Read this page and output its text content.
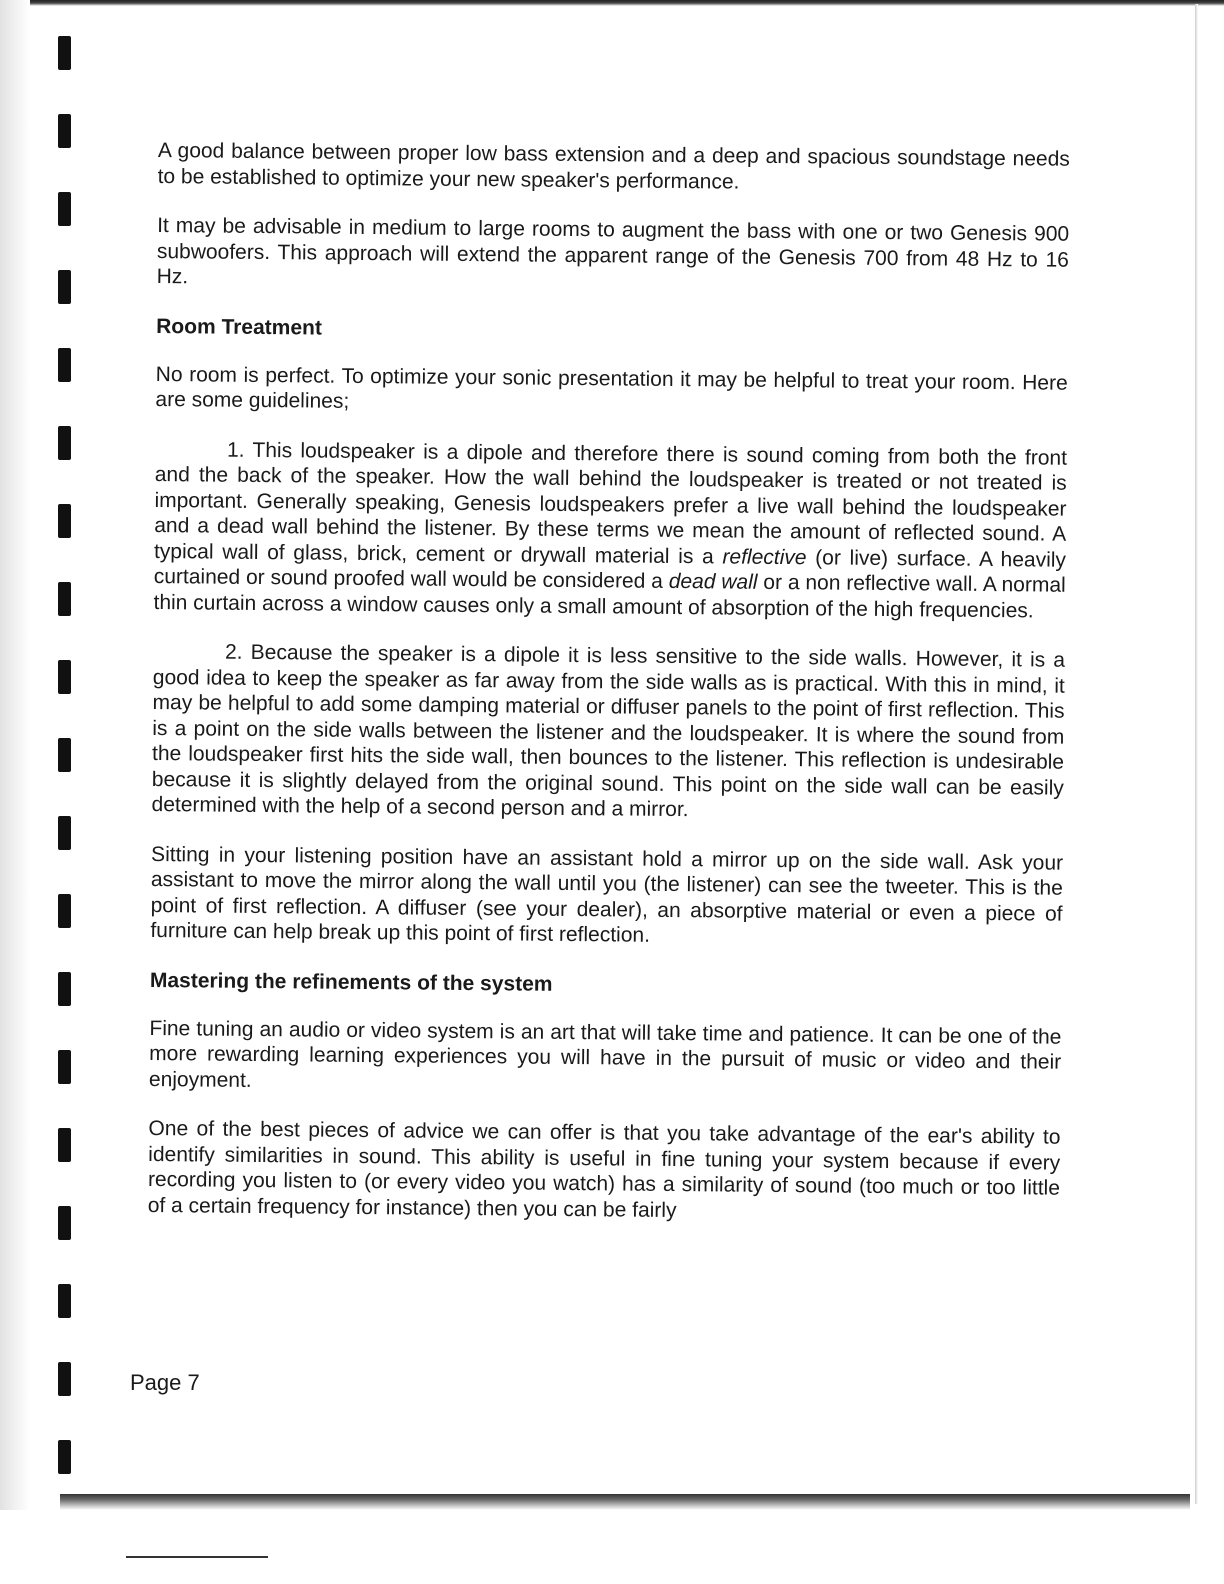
A good balance between proper low bass extension and a deep and spacious soundstage needs to be established to optimize your new speaker's performance.

It may be advisable in medium to large rooms to augment the bass with one or two Genesis 900 subwoofers. This approach will extend the apparent range of the Genesis 700 from 48 Hz to 16 Hz.

Room Treatment

No room is perfect. To optimize your sonic presentation it may be helpful to treat your room. Here are some guidelines;

1. This loudspeaker is a dipole and therefore there is sound coming from both the front and the back of the speaker. How the wall behind the loudspeaker is treated or not treated is important. Generally speaking, Genesis loudspeakers prefer a live wall behind the loudspeaker and a dead wall behind the listener. By these terms we mean the amount of reflected sound. A typical wall of glass, brick, cement or drywall material is a reflective (or live) surface. A heavily curtained or sound proofed wall would be considered a dead wall or a non reflective wall. A normal thin curtain across a window causes only a small amount of absorption of the high frequencies.

2. Because the speaker is a dipole it is less sensitive to the side walls. However, it is a good idea to keep the speaker as far away from the side walls as is practical. With this in mind, it may be helpful to add some damping material or diffuser panels to the point of first reflection. This is a point on the side walls between the listener and the loudspeaker. It is where the sound from the loudspeaker first hits the side wall, then bounces to the listener. This reflection is undesirable because it is slightly delayed from the original sound. This point on the side wall can be easily determined with the help of a second person and a mirror.

Sitting in your listening position have an assistant hold a mirror up on the side wall. Ask your assistant to move the mirror along the wall until you (the listener) can see the tweeter. This is the point of first reflection. A diffuser (see your dealer), an absorptive material or even a piece of furniture can help break up this point of first reflection.

Mastering the refinements of the system

Fine tuning an audio or video system is an art that will take time and patience. It can be one of the more rewarding learning experiences you will have in the pursuit of music or video and their enjoyment.

One of the best pieces of advice we can offer is that you take advantage of the ear's ability to identify similarities in sound. This ability is useful in fine tuning your system because if every recording you listen to (or every video you watch) has a similarity of sound (too much or too little of a certain frequency for instance) then you can be fairly

Page 7
